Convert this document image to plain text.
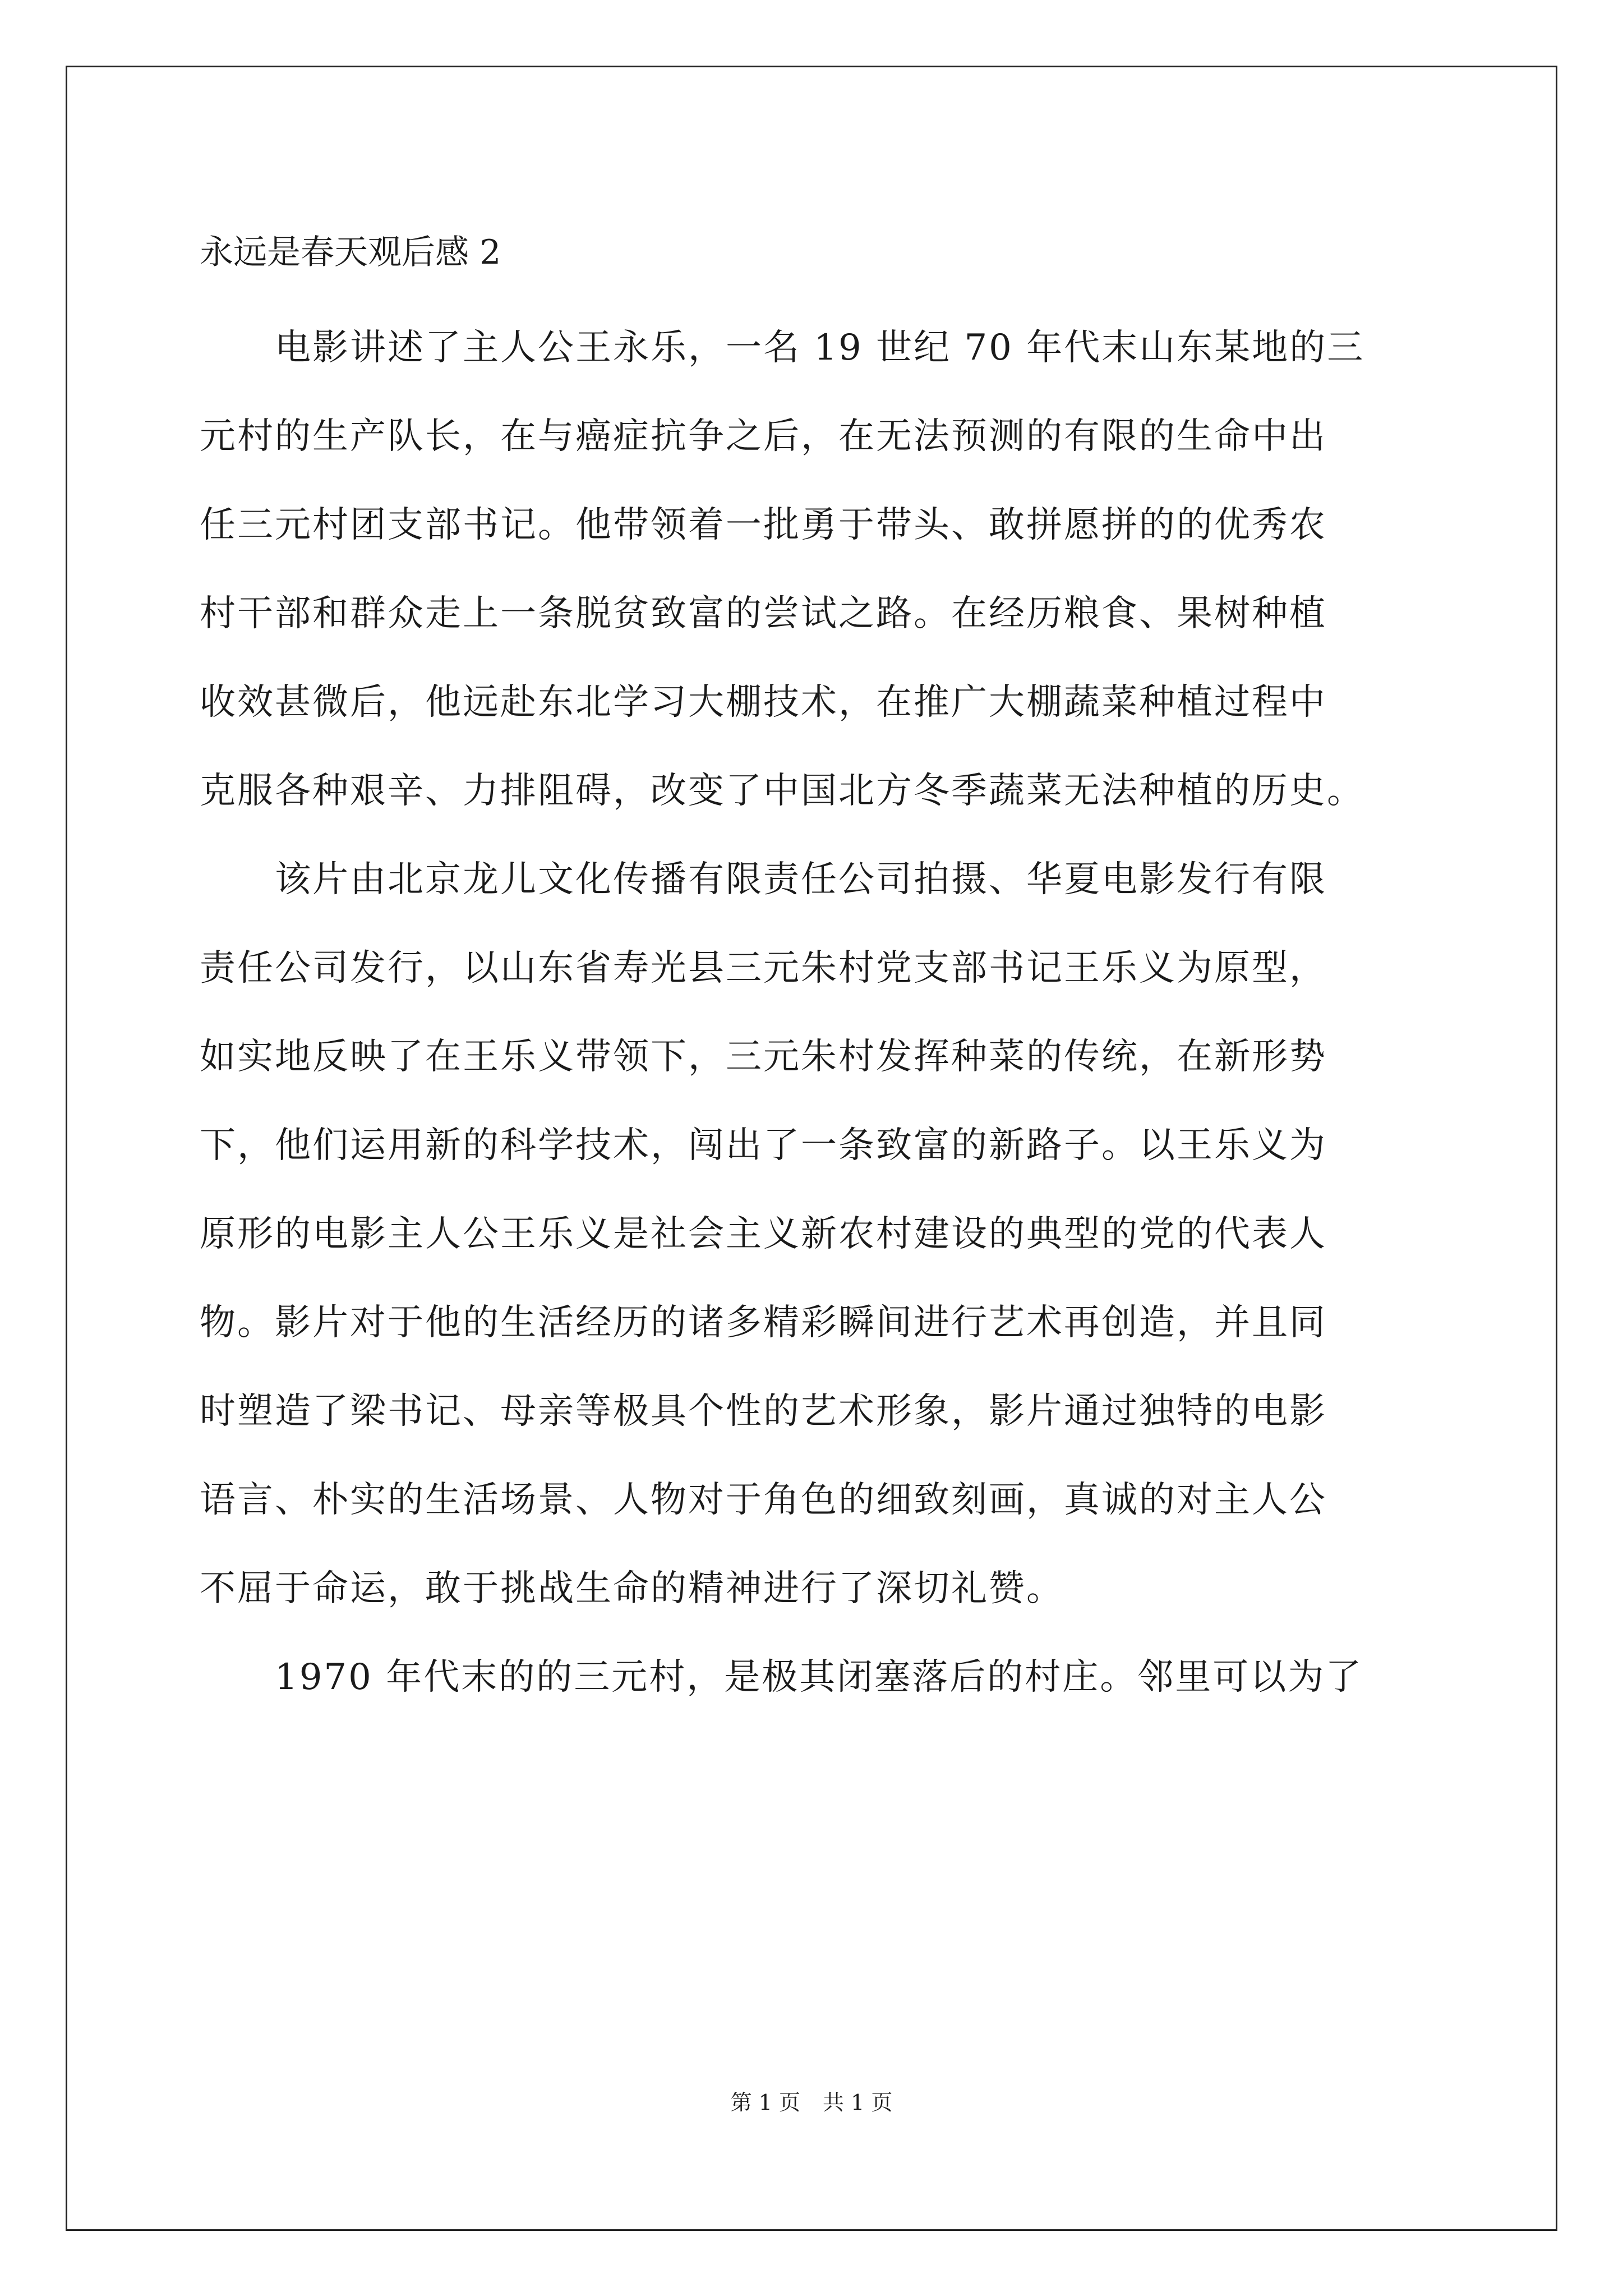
永远是春天观后感 2

　　电影讲述了主人公王永乐，一名 19 世纪 70 年代末山东某地的三

元村的生产队长，在与癌症抗争之后，在无法预测的有限的生命中出

任三元村团支部书记。他带领着一批勇于带头、敢拼愿拼的的优秀农

村干部和群众走上一条脱贫致富的尝试之路。在经历粮食、果树种植

收效甚微后，他远赴东北学习大棚技术，在推广大棚蔬菜种植过程中

克服各种艰辛、力排阻碍，改变了中国北方冬季蔬菜无法种植的历史。

　　该片由北京龙儿文化传播有限责任公司拍摄、华夏电影发行有限

责任公司发行，以山东省寿光县三元朱村党支部书记王乐义为原型，

如实地反映了在王乐义带领下，三元朱村发挥种菜的传统，在新形势

下，他们运用新的科学技术，闯出了一条致富的新路子。以王乐义为

原形的电影主人公王乐义是社会主义新农村建设的典型的党的代表人

物。影片对于他的生活经历的诸多精彩瞬间进行艺术再创造，并且同

时塑造了梁书记、母亲等极具个性的艺术形象，影片通过独特的电影

语言、朴实的生活场景、人物对于角色的细致刻画，真诚的对主人公

不屈于命运，敢于挑战生命的精神进行了深切礼赞。

　　1970 年代末的的三元村，是极其闭塞落后的村庄。邻里可以为了

第 1 页 共 1 页
